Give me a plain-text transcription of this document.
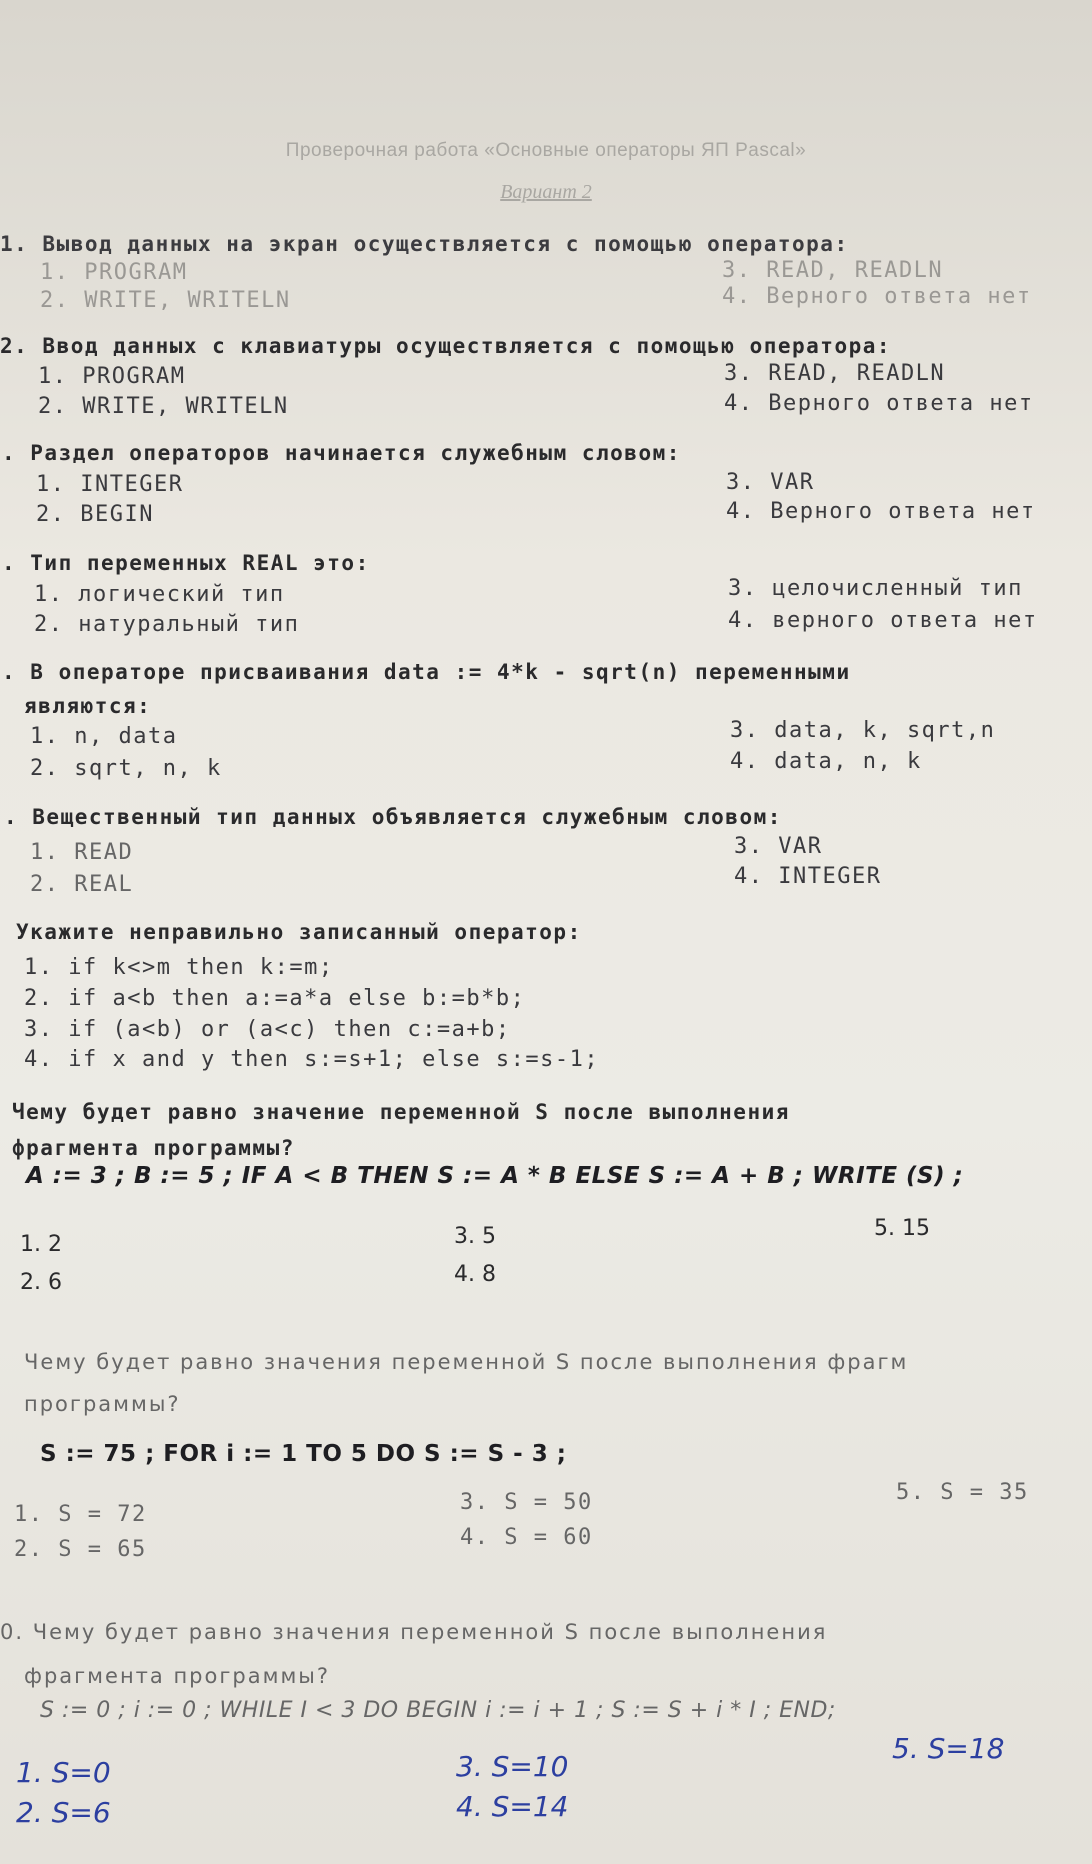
Проверочная работа «Основные операторы ЯП Pascal»
Вариант 2
1. Вывод данных на экран осуществляется с помощью оператора:
1. PROGRAM
2. WRITE, WRITELN
3. READ, READLN
4. Верного ответа нет
2. Ввод данных с клавиатуры осуществляется с помощью оператора:
1. PROGRAM
2. WRITE, WRITELN
3. READ, READLN
4. Верного ответа нет
. Раздел операторов начинается служебным словом:
1. INTEGER
2. BEGIN
3. VAR
4. Верного ответа нет
. Тип переменных REAL это:
1. логический тип
2. натуральный тип
3. целочисленный тип
4. верного ответа нет
. В операторе присваивания data := 4*k - sqrt(n) переменными
являются:
1. n, data
2. sqrt, n, k
3. data, k, sqrt,n
4. data, n, k
. Вещественный тип данных объявляется служебным словом:
1. READ
2. REAL
3. VAR
4. INTEGER
Укажите неправильно записанный оператор:
1. if k<>m then k:=m;
2. if a<b then a:=a*a else b:=b*b;
3. if (a<b) or (a<c) then c:=a+b;
4. if x and y then s:=s+1; else s:=s-1;
Чему будет равно значение переменной S после выполнения
фрагмента программы?
A := 3 ; B := 5 ; IF A < B THEN S := A * B ELSE S := A + B ; WRITE (S) ;
1. 2
2. 6
3. 5
4. 8
5. 15
Чему будет равно значения переменной S после выполнения фрагм
программы?
S := 75 ; FOR i := 1 TO 5 DO S := S - 3 ;
1. S = 72
2. S = 65
3. S = 50
4. S = 60
5. S = 35
0. Чему будет равно значения переменной S после выполнения
фрагмента программы?
S := 0 ; i := 0 ; WHILE I < 3 DO BEGIN i := i + 1 ; S := S + i * I ; END;
1. S=0
2. S=6
3. S=10
4. S=14
5. S=18
